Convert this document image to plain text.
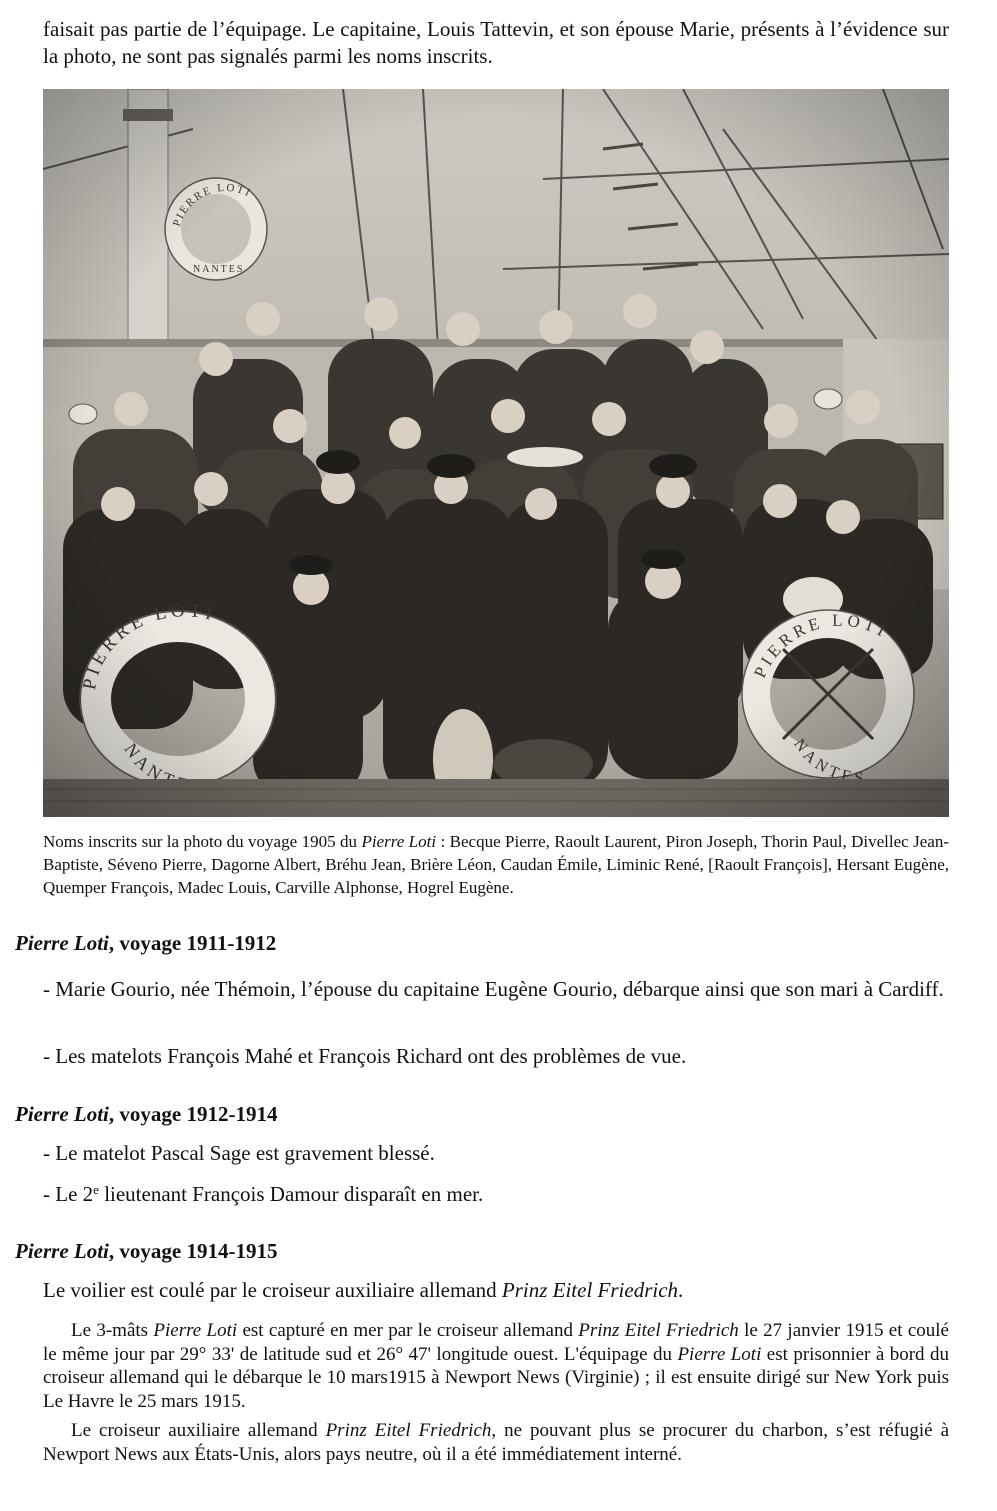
faisait pas partie de l’équipage. Le capitaine, Louis Tattevin, et son épouse Marie, présents à l’évidence sur la photo, ne sont pas signalés parmi les noms inscrits.

Noms inscrits sur la photo du voyage 1905 du Pierre Loti : Becque Pierre, Raoult Laurent, Piron Joseph, Thorin Paul, Divellec Jean-Baptiste, Séveno Pierre, Dagorne Albert, Bréhu Jean, Brière Léon, Caudan Émile, Liminic René, [Raoult François], Hersant Eugène, Quemper François, Madec Louis, Carville Alphonse, Hogrel Eugène.

Pierre Loti, voyage 1911-1912

- Marie Gourio, née Thémoin, l’épouse du capitaine Eugène Gourio, débarque ainsi que son mari à Cardiff.

- Les matelots François Mahé et François Richard ont des problèmes de vue.

Pierre Loti, voyage 1912-1914

- Le matelot Pascal Sage est gravement blessé.

- Le 2e lieutenant François Damour disparaît en mer.

Pierre Loti, voyage 1914-1915

Le voilier est coulé par le croiseur auxiliaire allemand Prinz Eitel Friedrich.

Le 3-mâts Pierre Loti est capturé en mer par le croiseur allemand Prinz Eitel Friedrich le 27 janvier 1915 et coulé le même jour par 29° 33' de latitude sud et 26° 47' longitude ouest. L'équipage du Pierre Loti est prisonnier à bord du croiseur allemand qui le débarque le 10 mars1915 à Newport News (Virginie) ; il est ensuite dirigé sur New York puis Le Havre le 25 mars 1915.

Le croiseur auxiliaire allemand Prinz Eitel Friedrich, ne pouvant plus se procurer du charbon, s’est réfugié à Newport News aux États-Unis, alors pays neutre, où il a été immédiatement interné.
